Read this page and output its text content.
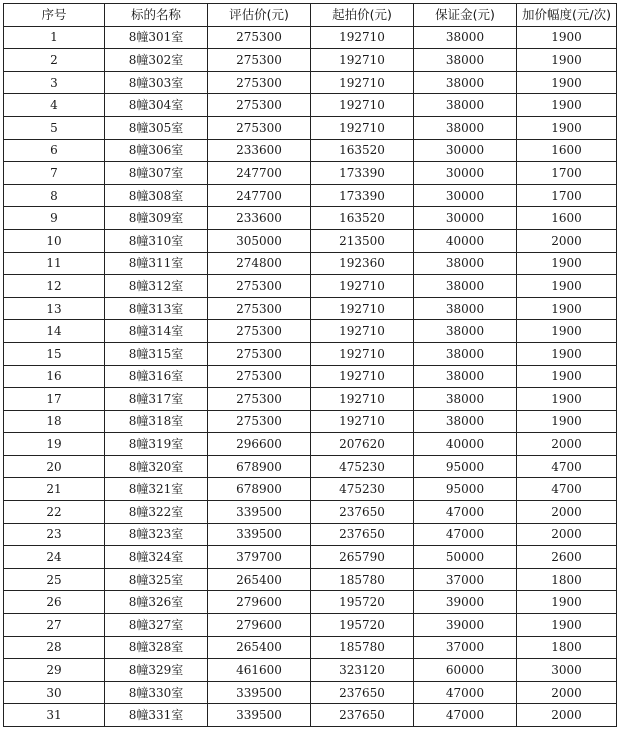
序号	标的名称	评估价(元)	起拍价(元)	保证金(元)	加价幅度(元/次)
1	8幢301室	275300	192710	38000	1900
2	8幢302室	275300	192710	38000	1900
3	8幢303室	275300	192710	38000	1900
4	8幢304室	275300	192710	38000	1900
5	8幢305室	275300	192710	38000	1900
6	8幢306室	233600	163520	30000	1600
7	8幢307室	247700	173390	30000	1700
8	8幢308室	247700	173390	30000	1700
9	8幢309室	233600	163520	30000	1600
10	8幢310室	305000	213500	40000	2000
11	8幢311室	274800	192360	38000	1900
12	8幢312室	275300	192710	38000	1900
13	8幢313室	275300	192710	38000	1900
14	8幢314室	275300	192710	38000	1900
15	8幢315室	275300	192710	38000	1900
16	8幢316室	275300	192710	38000	1900
17	8幢317室	275300	192710	38000	1900
18	8幢318室	275300	192710	38000	1900
19	8幢319室	296600	207620	40000	2000
20	8幢320室	678900	475230	95000	4700
21	8幢321室	678900	475230	95000	4700
22	8幢322室	339500	237650	47000	2000
23	8幢323室	339500	237650	47000	2000
24	8幢324室	379700	265790	50000	2600
25	8幢325室	265400	185780	37000	1800
26	8幢326室	279600	195720	39000	1900
27	8幢327室	279600	195720	39000	1900
28	8幢328室	265400	185780	37000	1800
29	8幢329室	461600	323120	60000	3000
30	8幢330室	339500	237650	47000	2000
31	8幢331室	339500	237650	47000	2000
